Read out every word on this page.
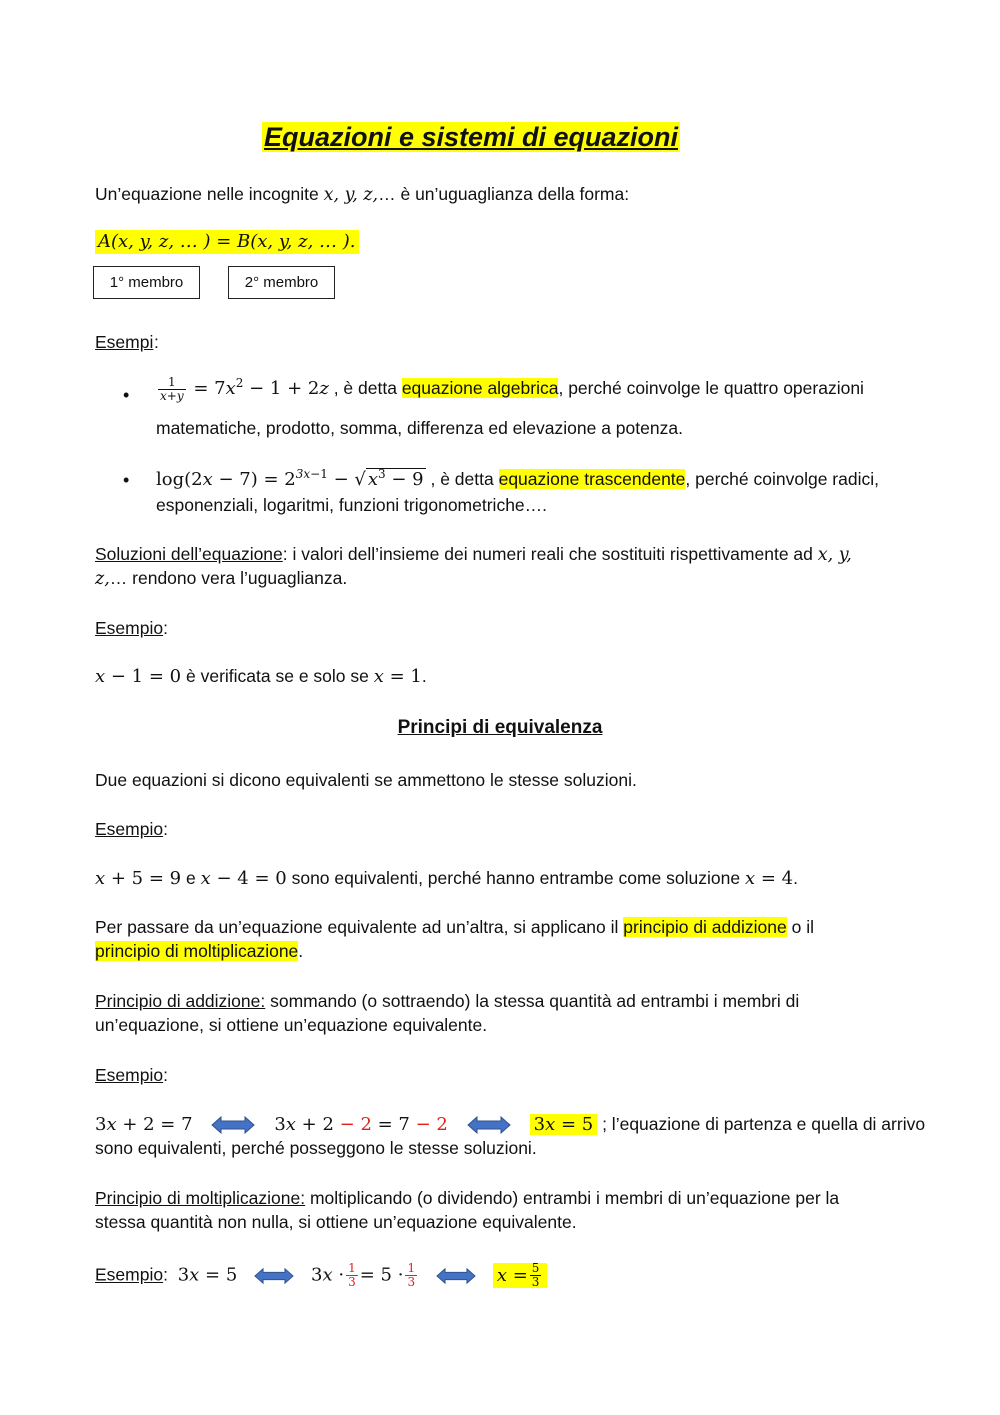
Equazioni e sistemi di equazioni
Un’equazione nelle incognite x, y, z,… è un’uguaglianza della forma:
A(x, y, z, … ) = B(x, y, z, … ).
1° membro	2° membro
Esempi :
• $\frac{1}{x+y} = 7x^2 - 1 + 2z$ , è detta equazione algebrica, perché coinvolge le quattro operazioni
matematiche, prodotto, somma, differenza ed elevazione a potenza.
• $\log(2x - 7) = 2^{3x-1}$ − √ $x^3 - 9$ , è detta equazione trascendente, perché coinvolge radici,
esponenziali, logaritmi, funzioni trigonometriche….
Soluzioni dell’equazione: i valori dell’insieme dei numeri reali che sostituiti rispettivamente ad x, y,
z,… rendono vera l’uguaglianza.
Esempio:
x − 1 = 0 è verificata se e solo se x = 1.
Principi di equivalenza
Due equazioni si dicono equivalenti se ammettono le stesse soluzioni.
Esempio:
x + 5 = 9 e x − 4 = 0 sono equivalenti, perché hanno entrambe come soluzione x = 4.
Per passare da un’equazione equivalente ad un’altra, si applicano il principio di addizione o il
principio di moltiplicazione.
Principio di addizione: sommando (o sottraendo) la stessa quantità ad entrambi i membri di
un’equazione, si ottiene un’equazione equivalente.
Esempio:
3x + 2 = 7	3x + 2 − 2 = 7 − 2	3x = 5 ; l’equazione di partenza e quella di arrivo
sono equivalenti, perché posseggono le stesse soluzioni.
Principio di moltiplicazione: moltiplicando (o dividendo) entrambi i membri di un’equazione per la
stessa quantità non nulla, si ottiene un’equazione equivalente.
Esempio:  3x = 5	$3x \cdot \frac{1}{3} = 5 \cdot \frac{1}{3}$	$x = \frac{5}{3}$
